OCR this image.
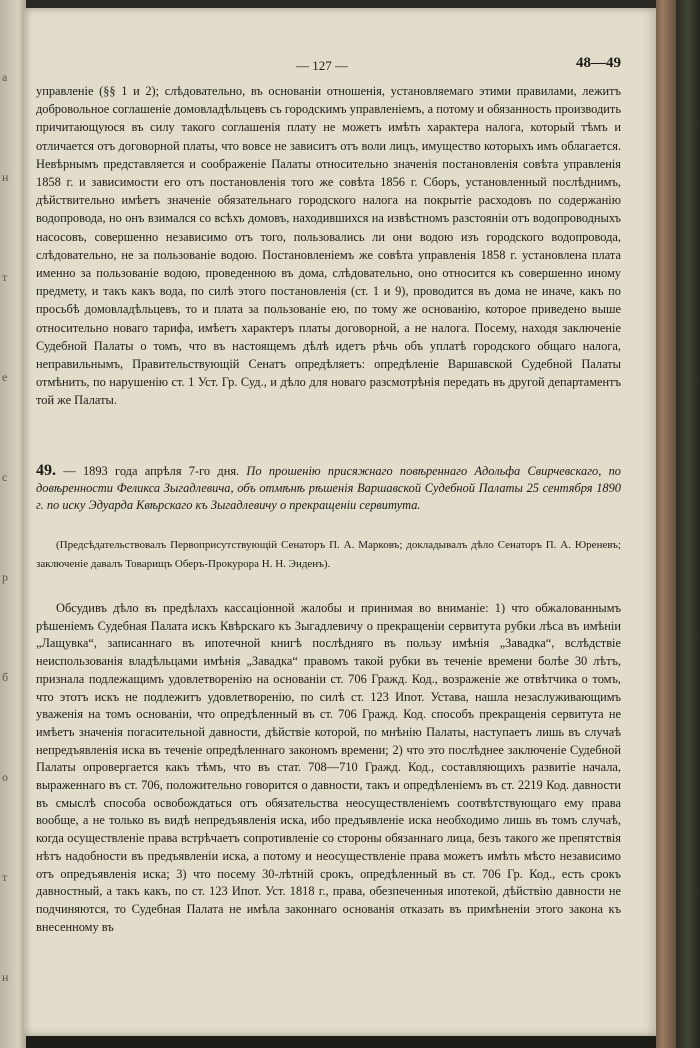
а
н
т
е
с
р
б
о
т
н
— 127 —	48—49
управленіе (§§ 1 и 2); слѣдовательно, въ основаніи отношенія, установляемаго этими правилами, лежитъ добровольное соглашеніе домовладѣльцевъ съ городскимъ управленіемъ, а потому и обязанность производить причитающуюся въ силу такого соглашенія плату не можетъ имѣть характера налога, который тѣмъ и отличается отъ договорной платы, что вовсе не зависитъ отъ воли лицъ, имущество которыхъ имъ облагается. Невѣрнымъ представляется и соображеніе Палаты относительно значенія постановленія совѣта управленія 1858 г. и зависимости его отъ постановленія того же совѣта 1856 г. Сборъ, установленный послѣднимъ, дѣйствительно имѣетъ значеніе обязательнаго городского налога на покрытіе расходовъ по содержанію водопровода, но онъ взимался со всѣхъ домовъ, находившихся на извѣстномъ разстояніи отъ водопроводныхъ насосовъ, совершенно независимо отъ того, пользовались ли они водою изъ городского водопровода, слѣдовательно, не за пользованіе водою. Постановленіемъ же совѣта управленія 1858 г. установлена плата именно за пользованіе водою, проведенною въ дома, слѣдовательно, оно относится къ совершенно иному предмету, и такъ какъ вода, по силѣ этого постановленія (ст. 1 и 9), проводится въ дома не иначе, какъ по просьбѣ домовладѣльцевъ, то и плата за пользованіе ею, по тому же основанію, которое приведено выше относительно новаго тарифа, имѣетъ характеръ платы договорной, а не налога. Посему, находя заключеніе Судебной Палаты о томъ, что въ настоящемъ дѣлѣ идетъ рѣчь объ уплатѣ городского общаго налога, неправильнымъ, Правительствующій Сенатъ опредѣляетъ: опредѣленіе Варшавской Судебной Палаты отмѣнить, по нарушенію ст. 1 Уст. Гр. Суд., и дѣло для новаго разсмотрѣнія передать въ другой департаментъ той же Палаты.
49. — 1893 года апрѣля 7-го дня. По прошенію присяжнаго повѣреннаго Адольфа Свирчевскаго, по довѣренности Феликса Зыгадлевича, объ отмѣнѣ рѣшенія Варшавской Судебной Палаты 25 сентября 1890 г. по иску Эдуарда Квѣрскаго къ Зыгадлевичу о прекращеніи сервитута.
(Предсѣдательствовалъ Первоприсутствующій Сенаторъ П. А. Марковъ; докладывалъ дѣло Сенаторъ П. А. Юреневъ; заключеніе давалъ Товарищъ Оберъ-Прокурора Н. Н. Энденъ).
Обсудивъ дѣло въ предѣлахъ кассаціонной жалобы и принимая во вниманіе: 1) что обжалованнымъ рѣшеніемъ Судебная Палата искъ Квѣрскаго къ Зыгадлевичу о прекращеніи сервитута рубки лѣса въ имѣніи „Лащувка“, записаннаго въ ипотечной книгѣ послѣдняго въ пользу имѣнія „Завадка“, вслѣдствіе неиспользованія владѣльцами имѣнія „Завадка“ правомъ такой рубки въ теченіе времени болѣе 30 лѣтъ, признала подлежащимъ удовлетворенію на основаніи ст. 706 Гражд. Код., возраженіе же отвѣтчика о томъ, что этотъ искъ не подлежитъ удовлетворенію, по силѣ ст. 123 Ипот. Устава, нашла незаслуживающимъ уваженія на томъ основаніи, что опредѣленный въ ст. 706 Гражд. Код. способъ прекращенія сервитута не имѣетъ значенія погасительной давности, дѣйствіе которой, по мнѣнію Палаты, наступаетъ лишь въ случаѣ непредъявленія иска въ теченіе опредѣленнаго закономъ времени; 2) что это послѣднее заключеніе Судебной Палаты опровергается какъ тѣмъ, что въ стат. 708—710 Гражд. Код., составляющихъ развитіе начала, выраженнаго въ ст. 706, положительно говорится о давности, такъ и опредѣленіемъ въ ст. 2219 Код. давности въ смыслѣ способа освобождаться отъ обязательства неосуществленіемъ соотвѣтствующаго ему права вообще, а не только въ видѣ непредъявленія иска, ибо предъявленіе иска необходимо лишь въ томъ случаѣ, когда осуществленіе права встрѣчаетъ сопротивленіе со стороны обязаннаго лица, безъ такого же препятствія нѣтъ надобности въ предъявленіи иска, а потому и неосуществленіе права можетъ имѣть мѣсто независимо отъ опредъявленія иска; 3) что посему 30-лѣтній срокъ, опредѣленный въ ст. 706 Гр. Код., есть срокъ давностный, а такъ какъ, по ст. 123 Ипот. Уст. 1818 г., права, обезпеченныя ипотекой, дѣйствію давности не подчиняются, то Судебная Палата не имѣла законнаго основанія отказать въ примѣненіи этого закона къ внесенному въ
